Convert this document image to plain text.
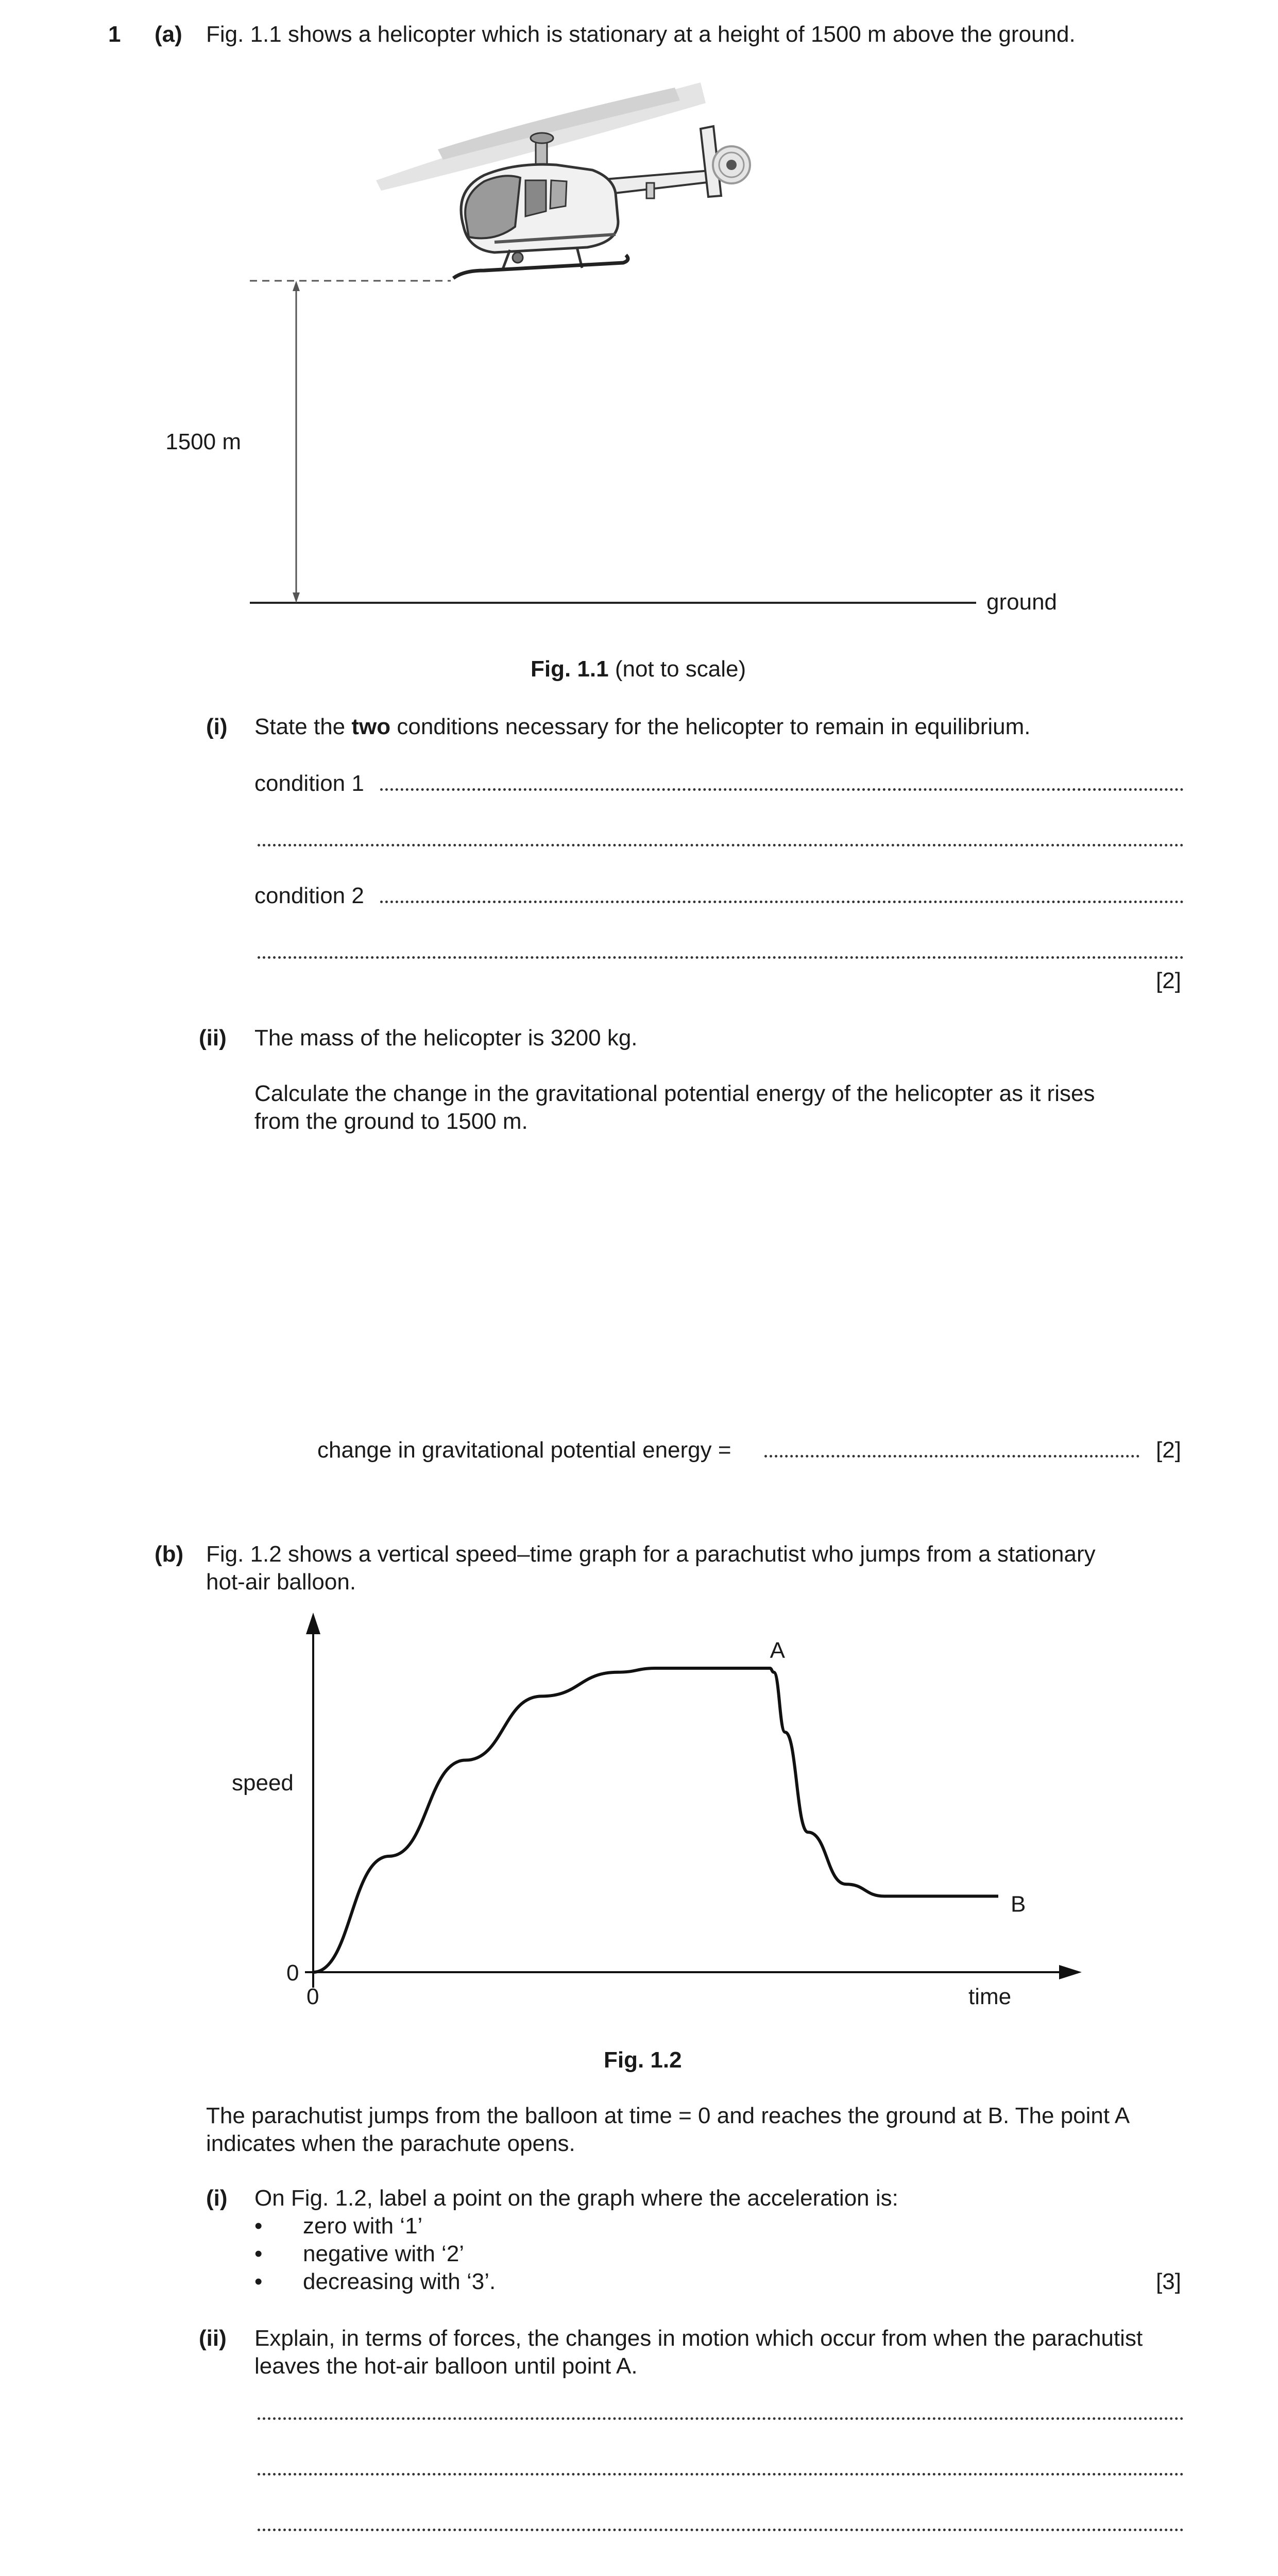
1 (a) Fig. 1.1 shows a helicopter which is stationary at a height of 1500 m above the ground.
1500 m
ground
Fig. 1.1 (not to scale)
(i) State the two conditions necessary for the helicopter to remain in equilibrium.
condition 1
condition 2
[2]
(ii) The mass of the helicopter is 3200 kg.
Calculate the change in the gravitational potential energy of the helicopter as it rises
from the ground to 1500 m.
change in gravitational potential energy =	[2]
(b) Fig. 1.2 shows a vertical speed–time graph for a parachutist who jumps from a stationary
hot-air balloon.
A
B
speed
time
0
0
Fig. 1.2
The parachutist jumps from the balloon at time = 0 and reaches the ground at B. The point A
indicates when the parachute opens.
(i) On Fig. 1.2, label a point on the graph where the acceleration is:
• zero with ‘1’
• negative with ‘2’
• decreasing with ‘3’.	[3]
(ii) Explain, in terms of forces, the changes in motion which occur from when the parachutist
leaves the hot-air balloon until point A.
